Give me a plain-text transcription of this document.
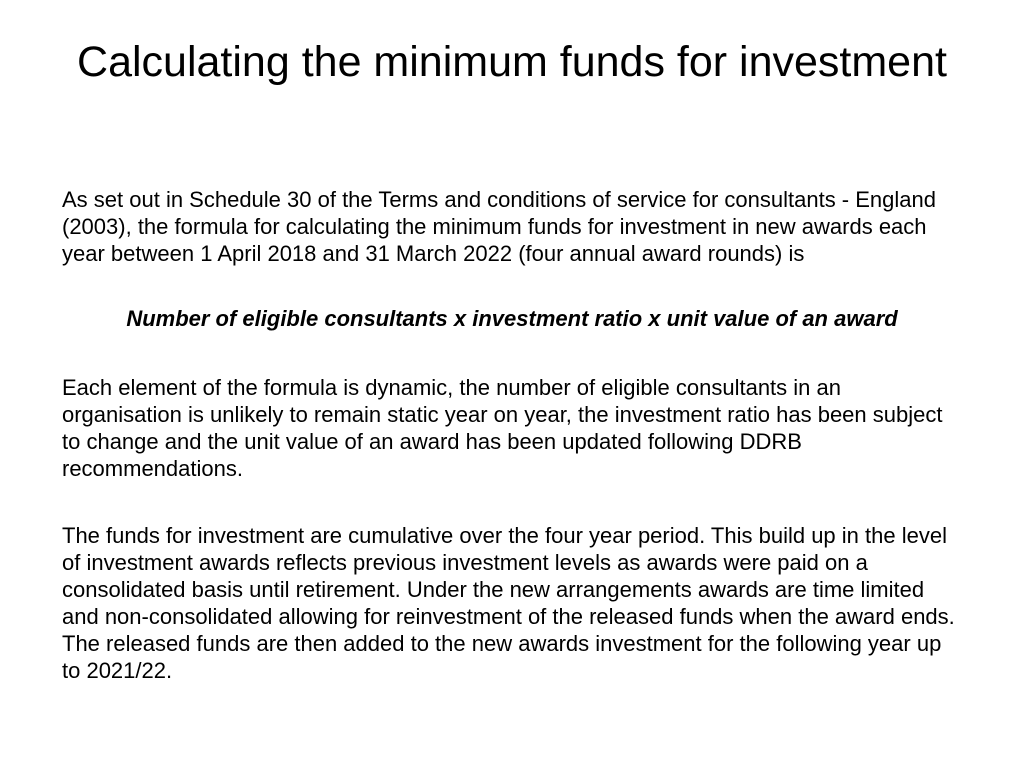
Calculating the minimum funds for investment

As set out in Schedule 30 of the Terms and conditions of service for consultants - England (2003), the formula for calculating the minimum funds for investment in new awards each year between 1 April 2018 and 31 March 2022 (four annual award rounds) is

Number of eligible consultants x investment ratio x unit value of an award

Each element of the formula is dynamic, the number of eligible consultants in an organisation is unlikely to remain static year on year, the investment ratio has been subject to change and the unit value of an award has been updated following DDRB recommendations.

The funds for investment are cumulative over the four year period. This build up in the level of investment awards reflects previous investment levels as awards were paid on a consolidated basis until retirement. Under the new arrangements awards are time limited and non-consolidated allowing for reinvestment of the released funds when the award ends. The released funds are then added to the new awards investment for the following year up to 2021/22.
